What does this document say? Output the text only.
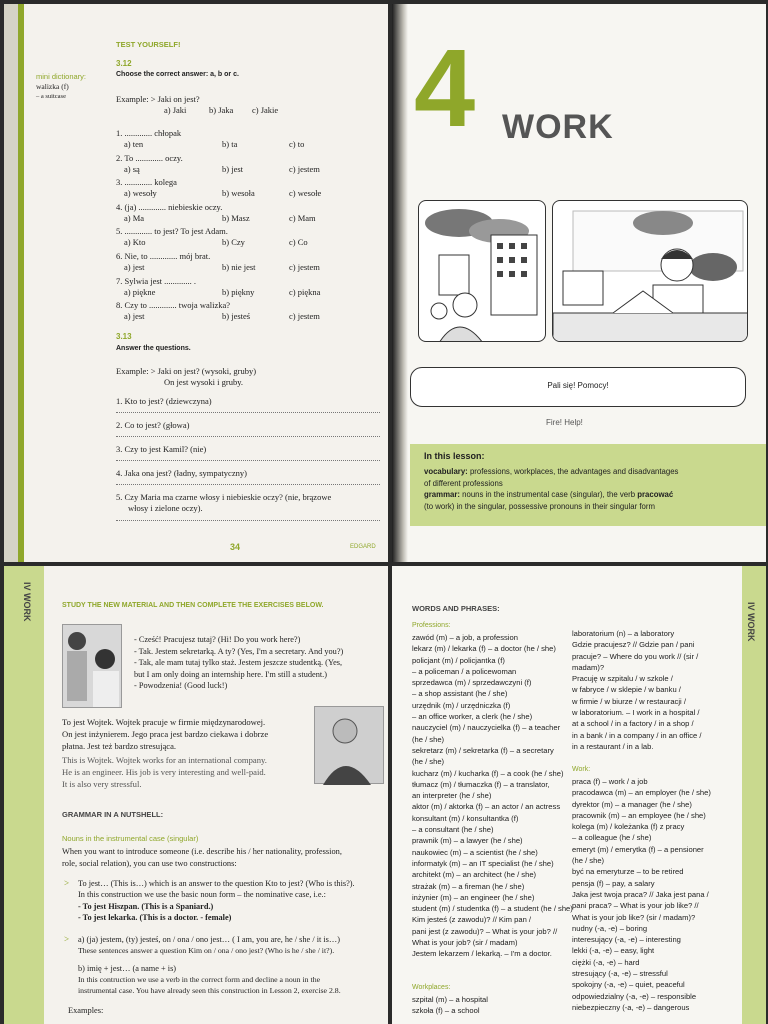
TEST YOURSELF!
mini dictionary:
walizka (f)
– a suitcase
3.12
Choose the correct answer: a, b or c.
Example: > Jaki on jest?
a) Jaki	b) Jaka c) Jakie
1. ............. chłopak
a) ten	b) ta	c) to
2. To ............. oczy.
a) są	b) jest	c) jestem
3. ............. kolega
a) wesoły	b) wesoła	c) wesołe
4. (ja) ............. niebieskie oczy.
a) Ma	b) Masz	c) Mam
5. ............. to jest? To jest Adam.
a) Kto	b) Czy	c) Co
6. Nie, to ............. mój brat.
a) jest	b) nie jest	c) jestem
7. Sylwia jest ............. .
a) piękne	b) piękny	c) piękna
8. Czy to ............. twoja walizka?
a) jest	b) jesteś	c) jestem
3.13
Answer the questions.
Example: > Jaki on jest? (wysoki, gruby)
On jest wysoki i gruby.
1. Kto to jest? (dziewczyna)
2. Co to jest? (głowa)
3. Czy to jest Kamil? (nie)
4. Jaka ona jest? (ładny, sympatyczny)
5. Czy Maria ma czarne włosy i niebieskie oczy? (nie, brązowe
włosy i zielone oczy).
34	EDGARD
4 WORK
Pali się! Pomocy!
Fire! Help!
In this lesson:
vocabulary: professions, workplaces, the advantages and disadvantages
of different professions
grammar: nouns in the instrumental case (singular), the verb pracować
(to work) in the singular, possessive pronouns in their singular form
IV WORK	STUDY THE NEW MATERIAL AND THEN COMPLETE THE EXERCISES BELOW.
- Cześć! Pracujesz tutaj? (Hi! Do you work here?)
- Tak. Jestem sekretarką. A ty? (Yes, I'm a secretary. And you?)
- Tak, ale mam tutaj tylko staż. Jestem jeszcze studentką. (Yes,
but I am only doing an internship here. I'm still a student.)
- Powodzenia! (Good luck!)
To jest Wojtek. Wojtek pracuje w firmie międzynarodowej.
On jest inżynierem. Jego praca jest bardzo ciekawa i dobrze
płatna. Jest też bardzo stresująca.
This is Wojtek. Wojtek works for an international company.
He is an engineer. His job is very interesting and well-paid.
It is also very stressful.
GRAMMAR IN A NUTSHELL:
Nouns in the instrumental case (singular)
When you want to introduce someone (i.e. describe his / her nationality, profession,
role, social relation), you can use two constructions:
> To jest… (This is…) which is an answer to the question Kto to jest? (Who is this?).
In this construction we use the basic noun form – the nominative case, i.e.:
- To jest Hiszpan. (This is a Spaniard.)
- To jest lekarka. (This is a doctor. - female)
> a) (ja) jestem, (ty) jesteś, on / ona / ono jest… ( I am, you are, he / she / it is…)
These sentences answer a question Kim on / ona / ono jest? (Who is he / she / it?).
b) imię + jest… (a name + is)
In this contruction we use a verb in the correct form and decline a noun in the
instrumental case. You have already seen this construction in Lesson 2, exercise 2.8.
Examples:
IV WORK
WORDS AND PHRASES:
Professions:
zawód (m) – a job, a profession
lekarz (m) / lekarka (f) – a doctor (he / she)
policjant (m) / policjantka (f)
– a policeman / a policewoman
sprzedawca (m) / sprzedawczyni (f)
– a shop assistant (he / she)
urzędnik (m) / urzędniczka (f)
– an office worker, a clerk (he / she)
nauczyciel (m) / nauczycielka (f) – a teacher
(he / she)
sekretarz (m) / sekretarka (f) – a secretary
(he / she)
kucharz (m) / kucharka (f) – a cook (he / she)
tłumacz (m) / tłumaczka (f) – a translator,
an interpreter (he / she)
aktor (m) / aktorka (f) – an actor / an actress
konsultant (m) / konsultantka (f)
– a consultant (he / she)
prawnik (m) – a lawyer (he / she)
naukowiec (m) – a scientist (he / she)
informatyk (m) – an IT specialist (he / she)
architekt (m) – an architect (he / she)
strażak (m) – a fireman (he / she)
inżynier (m) – an engineer (he / she)
student (m) / studentka (f) – a student (he / she)
Kim jesteś (z zawodu)? // Kim pan /
pani jest (z zawodu)? – What is your job? //
What is your job? (sir / madam)
Jestem lekarzem / lekarką. – I'm a doctor.
Workplaces:
szpital (m) – a hospital
szkoła (f) – a school
laboratorium (n) – a laboratory
Gdzie pracujesz? // Gdzie pan / pani
pracuje? – Where do you work // (sir /
madam)?
Pracuję w szpitalu / w szkole /
w fabryce / w sklepie / w banku /
w firmie / w biurze / w restauracji /
w laboratorium. – I work in a hospital /
at a school / in a factory / in a shop /
in a bank / in a company / in an office /
in a restaurant / in a lab.
Work:
praca (f) – work / a job
pracodawca (m) – an employer (he / she)
dyrektor (m) – a manager (he / she)
pracownik (m) – an employee (he / she)
kolega (m) / koleżanka (f) z pracy
– a colleague (he / she)
emeryt (m) / emerytka (f) – a pensioner
(he / she)
być na emeryturze – to be retired
pensja (f) – pay, a salary
Jaka jest twoja praca? // Jaka jest pana /
pani praca? – What is your job like? //
What is your job like? (sir / madam)?
nudny (-a, -e) – boring
interesujący (-a, -e) – interesting
lekki (-a, -e) – easy, light
ciężki (-a, -e) – hard
stresujący (-a, -e) – stressful
spokojny (-a, -e) – quiet, peaceful
odpowiedzialny (-a, -e) – responsible
niebezpieczny (-a, -e) – dangerous
